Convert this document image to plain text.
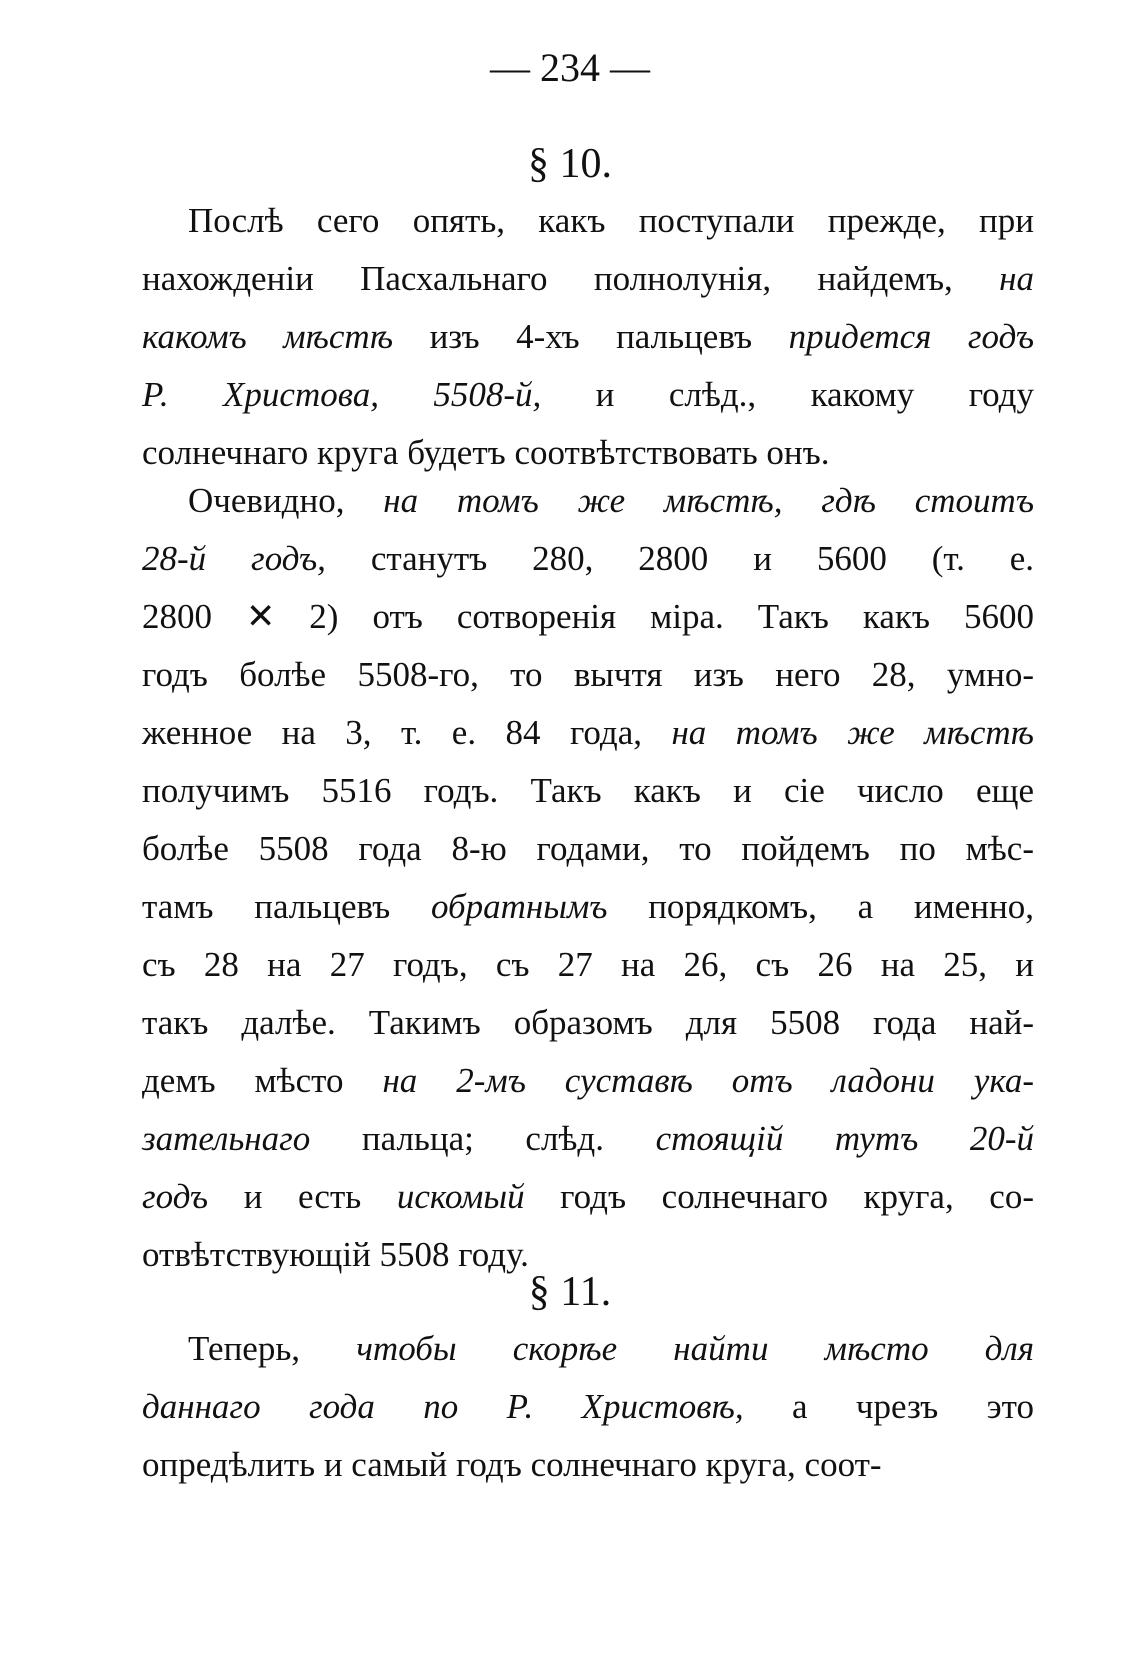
— 234 —
§ 10.
Послѣ сего опять, какъ поступали прежде, при
нахожденіи Пасхальнаго полнолунія, найдемъ, на
какомъ мѣстѣ изъ 4-хъ пальцевъ придется годъ
Р. Христова, 5508-й, и слѣд., какому году
солнечнаго круга будетъ соотвѣтствовать онъ.
Очевидно, на томъ же мѣстѣ, гдѣ стоитъ
28-й годъ, станутъ 280, 2800 и 5600 (т. е.
2800 ✕ 2) отъ сотворенія міра. Такъ какъ 5600
годъ болѣе 5508-го, то вычтя изъ него 28, умно-
женное на 3, т. е. 84 года, на томъ же мѣстѣ
получимъ 5516 годъ. Такъ какъ и сіе число еще
болѣе 5508 года 8-ю годами, то пойдемъ по мѣс-
тамъ пальцевъ обратнымъ порядкомъ, а именно,
съ 28 на 27 годъ, съ 27 на 26, съ 26 на 25, и
такъ далѣе. Такимъ образомъ для 5508 года най-
демъ мѣсто на 2-мъ суставѣ отъ ладони ука-
зательнаго пальца; слѣд. стоящій тутъ 20-й
годъ и есть искомый годъ солнечнаго круга, со-
отвѣтствующій 5508 году.
§ 11.
Теперь, чтобы скорѣе найти мѣсто для
даннаго года по Р. Христовѣ, а чрезъ это
опредѣлить и самый годъ солнечнаго круга, соот-
